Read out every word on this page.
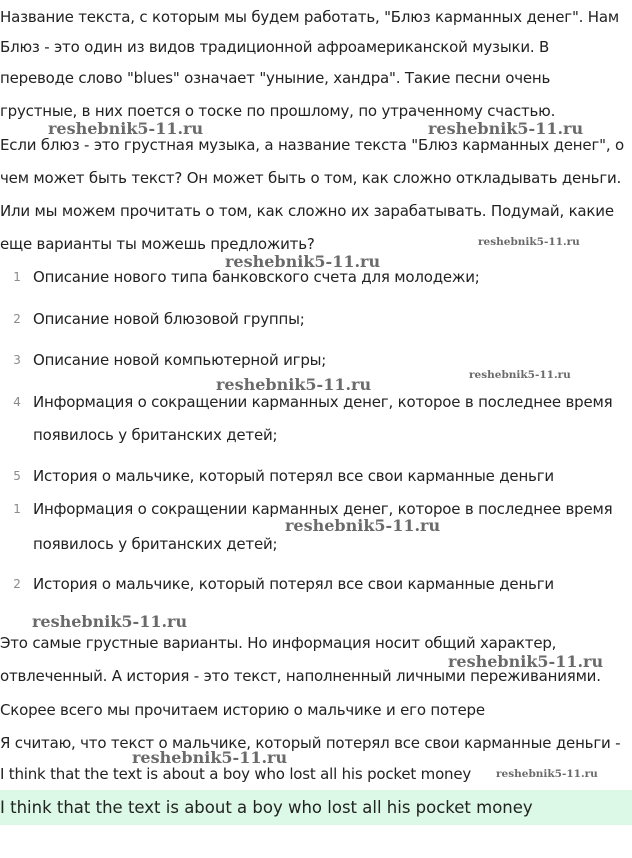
Название текста, с которым мы будем работать, "Блюз карманных денег". Нам

Блюз - это один из видов традиционной афроамериканской музыки. В

переводе слово "blues" означает "уныние, хандра". Такие песни очень

грустные, в них поется о тоске по прошлому, по утраченному счастью.

Если блюз - это грустная музыка, а название текста "Блюз карманных денег", о

чем может быть текст? Он может быть о том, как сложно откладывать деньги.

Или мы можем прочитать о том, как сложно их зарабатывать. Подумай, какие

еще варианты ты можешь предложить?

1 Описание нового типа банковского счета для молодежи;
2 Описание новой блюзовой группы;
3 Описание новой компьютерной игры;
4 Информация о сокращении карманных денег, которое в последнее время
появилось у британских детей;
5 История о мальчике, который потерял все свои карманные деньги
1 Информация о сокращении карманных денег, которое в последнее время
появилось у британских детей;
2 История о мальчике, который потерял все свои карманные деньги

Это самые грустные варианты. Но информация носит общий характер,

отвлеченный. А история - это текст, наполненный личными переживаниями.

Скорее всего мы прочитаем историю о мальчике и его потере

Я считаю, что текст о мальчике, который потерял все свои карманные деньги -

I think that the text is about a boy who lost all his pocket money

I think that the text is about a boy who lost all his pocket money
reshebnik5-11.ru	reshebnik5-11.ru
reshebnik5-11.ru
reshebnik5-11.ru
reshebnik5-11.ru
reshebnik5-11.ru
reshebnik5-11.ru
reshebnik5-11.ru
reshebnik5-11.ru
reshebnik5-11.ru
reshebnik5-11.ru
